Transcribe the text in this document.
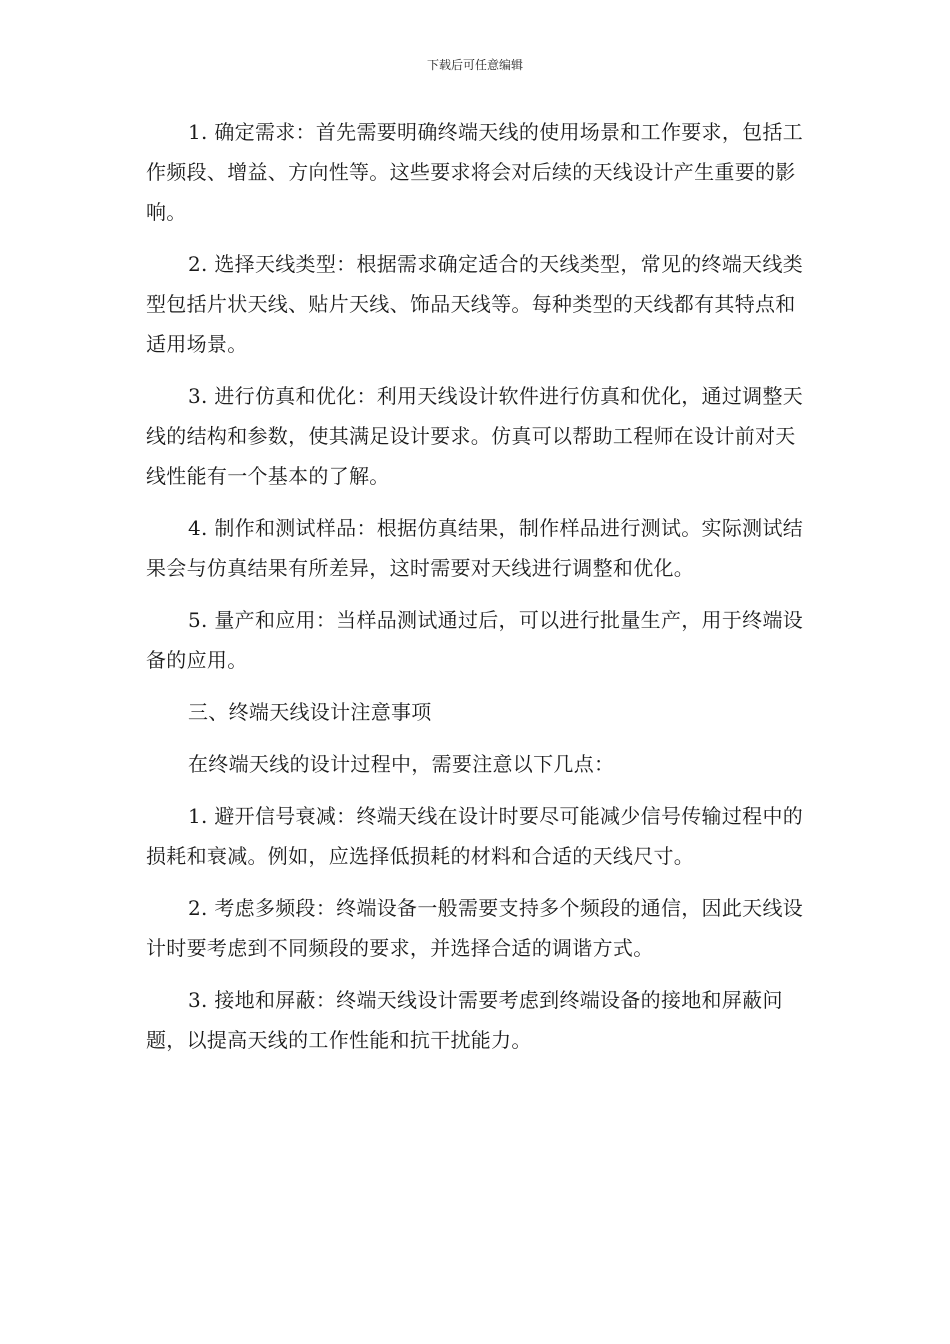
下载后可任意编辑

1. 确定需求：首先需要明确终端天线的使用场景和工作要求，包括工作频段、增益、方向性等。这些要求将会对后续的天线设计产生重要的影响。

2. 选择天线类型：根据需求确定适合的天线类型，常见的终端天线类型包括片状天线、贴片天线、饰品天线等。每种类型的天线都有其特点和适用场景。

3. 进行仿真和优化：利用天线设计软件进行仿真和优化，通过调整天线的结构和参数，使其满足设计要求。仿真可以帮助工程师在设计前对天线性能有一个基本的了解。

4. 制作和测试样品：根据仿真结果，制作样品进行测试。实际测试结果会与仿真结果有所差异，这时需要对天线进行调整和优化。

5. 量产和应用：当样品测试通过后，可以进行批量生产，用于终端设备的应用。

三、终端天线设计注意事项

在终端天线的设计过程中，需要注意以下几点：

1. 避开信号衰减：终端天线在设计时要尽可能减少信号传输过程中的损耗和衰减。例如，应选择低损耗的材料和合适的天线尺寸。

2. 考虑多频段：终端设备一般需要支持多个频段的通信，因此天线设计时要考虑到不同频段的要求，并选择合适的调谐方式。

3. 接地和屏蔽：终端天线设计需要考虑到终端设备的接地和屏蔽问题，以提高天线的工作性能和抗干扰能力。
